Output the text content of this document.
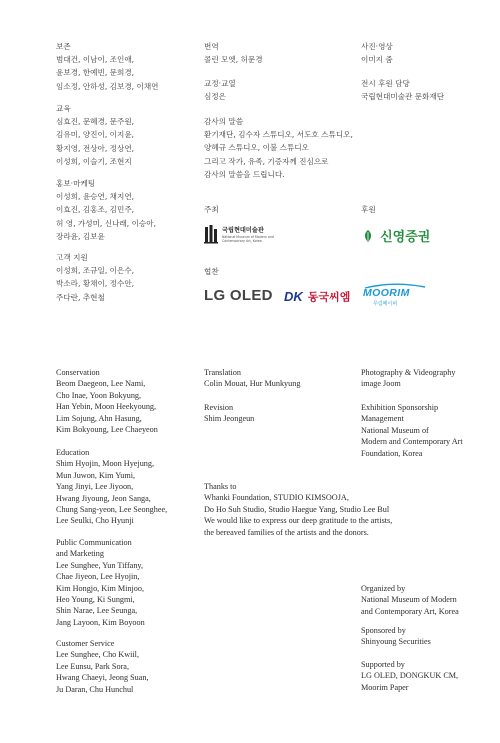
보존
범대건, 이남이, 조인애,
윤보경, 한예빈, 문희경,
임소정, 안하성, 김보경, 이채연
교육
심효진, 문혜경, 문주원,
김유미, 양진이, 이지윤,
황지영, 전상아, 정상연,
이성희, 이슬기, 조현지
홍보·마케팅
이성희, 윤승연, 채지연,
이효진, 김홍조, 김민주,
허 영, 가성미, 신나래, 이승아,
장라윤, 김보윤
고객 지원
이성희, 조규일, 이은수,
박소라, 황채이, 정수안,
주다란, 추현철
번역
콜린 모엣, 허문경
교정·교열
심정은
감사의 말씀
환기재단, 김수자 스튜디오, 서도호 스튜디오,
양혜규 스튜디오, 이불 스튜디오
그리고 작가, 유족, 기증자께 진심으로
감사의 말씀을 드립니다.
주최
협찬
사진·영상
이미지 줌
전시 후원 담당
국립현대미술관 문화재단
후원
국립현대미술관
National Museum of Modern and Contemporary Art, Korea	신영증권
LG OLED DK 동국씨엠 MOORIM
무림페이퍼
Conservation
Beom Daegeon, Lee Nami,
Cho Inae, Yoon Bokyung,
Han Yebin, Moon Heekyoung,
Lim Sojung, Ahn Hasung,
Kim Bokyoung, Lee Chaeyeon
Education
Shim Hyojin, Moon Hyejung,
Mun Juwon, Kim Yumi,
Yang Jinyi, Lee Jiyoon,
Hwang Jiyoung, Jeon Sanga,
Chung Sang-yeon, Lee Seonghee,
Lee Seulki, Cho Hyunji
Public Communication
and Marketing
Lee Sunghee, Yun Tiffany,
Chae Jiyeon, Lee Hyojin,
Kim Hongjo, Kim Minjoo,
Heo Young, Ki Sungmi,
Shin Narae, Lee Seunga,
Jang Layoon, Kim Boyoon
Customer Service
Lee Sunghee, Cho Kwiil,
Lee Eunsu, Park Sora,
Hwang Chaeyi, Jeong Suan,
Ju Daran, Chu Hunchul
Translation
Colin Mouat, Hur Munkyung
Revision
Shim Jeongeun
Thanks to
Whanki Foundation, STUDIO KIMSOOJA,
Do Ho Suh Studio, Studio Haegue Yang, Studio Lee Bul
We would like to express our deep gratitude to the artists,
the bereaved families of the artists and the donors.
Photography & Videography
image Joom
Exhibition Sponsorship
Management
National Museum of
Modern and Contemporary Art
Foundation, Korea
Organized by
National Museum of Modern
and Contemporary Art, Korea
Sponsored by
Shinyoung Securities
Supported by
LG OLED, DONGKUK CM,
Moorim Paper
